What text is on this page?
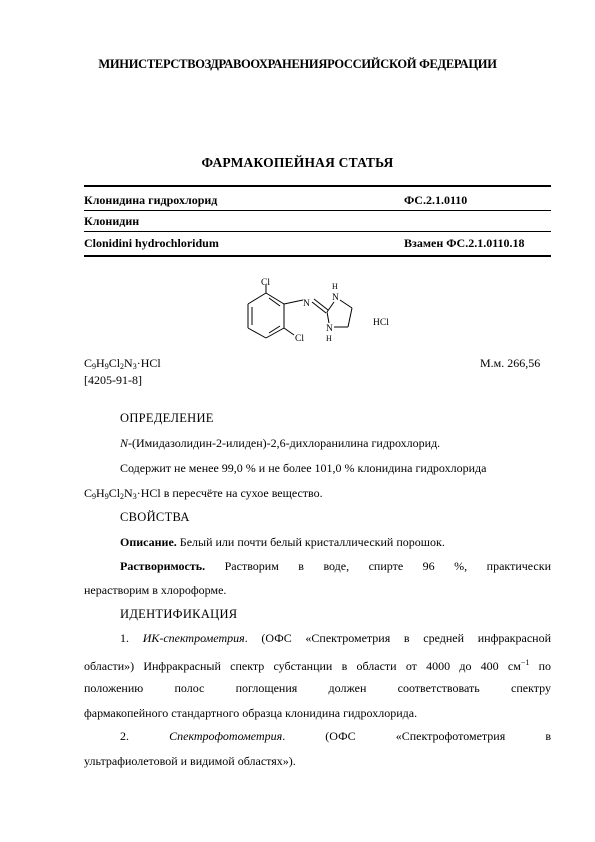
МИНИСТЕРСТВОЗДРАВООХРАНЕНИЯРОССИЙСКОЙ ФЕДЕРАЦИИ
ФАРМАКОПЕЙНАЯ СТАТЬЯ
Клонидина гидрохлорид	ФС.2.1.0110
Клонидин
Clonidini hydrochloridum	Взамен ФС.2.1.0110.18
Cl
Cl
N
H
N
N
H
HCl
$C_9H_9Cl_2N_3\cdot HCl$	М.м. 266,56
[4205-91-8]
ОПРЕДЕЛЕНИЕ
N-(Имидазолидин-2-илиден)-2,6-дихлоранилина гидрохлорид.
Содержит не менее 99,0 % и не более 101,0 % клонидина гидрохлорида
$C_9H_9Cl_2N_3\cdot HCl$ в пересчёте на сухое вещество.
СВОЙСТВА
Описание. Белый или почти белый кристаллический порошок.
Растворимость. Растворим в воде, спирте 96 %, практически
нерастворим в хлороформе.
ИДЕНТИФИКАЦИЯ
1. ИК-спектрометрия. (ОФС «Спектрометрия в средней инфракрасной
области») Инфракрасный спектр субстанции в области от 4000 до 400 $см^{-1}$ по
положению полос поглощения должен соответствовать спектру
фармакопейного стандартного образца клонидина гидрохлорида.
2. Спектрофотометрия. (ОФС «Спектрофотометрия в
ультрафиолетовой и видимой областях»).
